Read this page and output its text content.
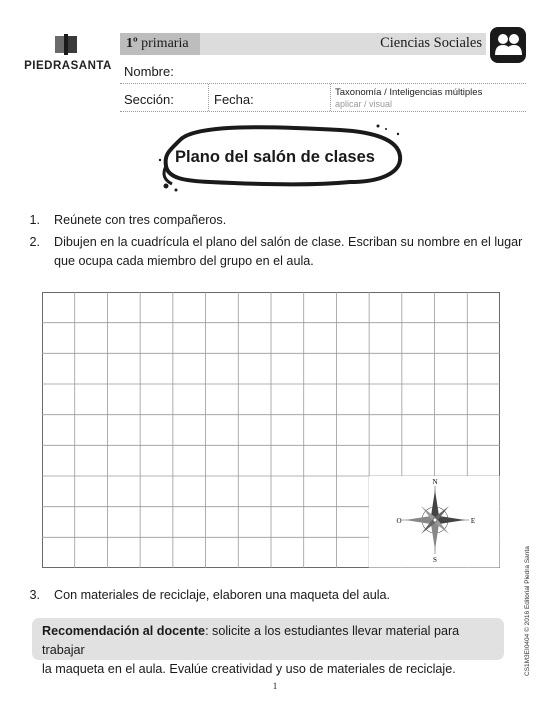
PIEDRASANTA
1º primaria	Ciencias Sociales
Nombre:
Sección:	Fecha:	Taxonomía / Inteligencias múltiples
aplicar / visual
Plano del salón de clases
1. Reúnete con tres compañeros.
2. Dibujen en la cuadrícula el plano del salón de clase. Escriban su nombre en el lugar
que ocupa cada miembro del grupo en el aula.
N
S
E
O
3. Con materiales de reciclaje, elaboren una maqueta del aula.
Recomendación al docente: solicite a los estudiantes llevar material para trabajar
la maqueta en el aula. Evalúe creatividad y uso de materiales de reciclaje.
1
CS1M3EI0404 © 2016 Editorial Piedra Santa
